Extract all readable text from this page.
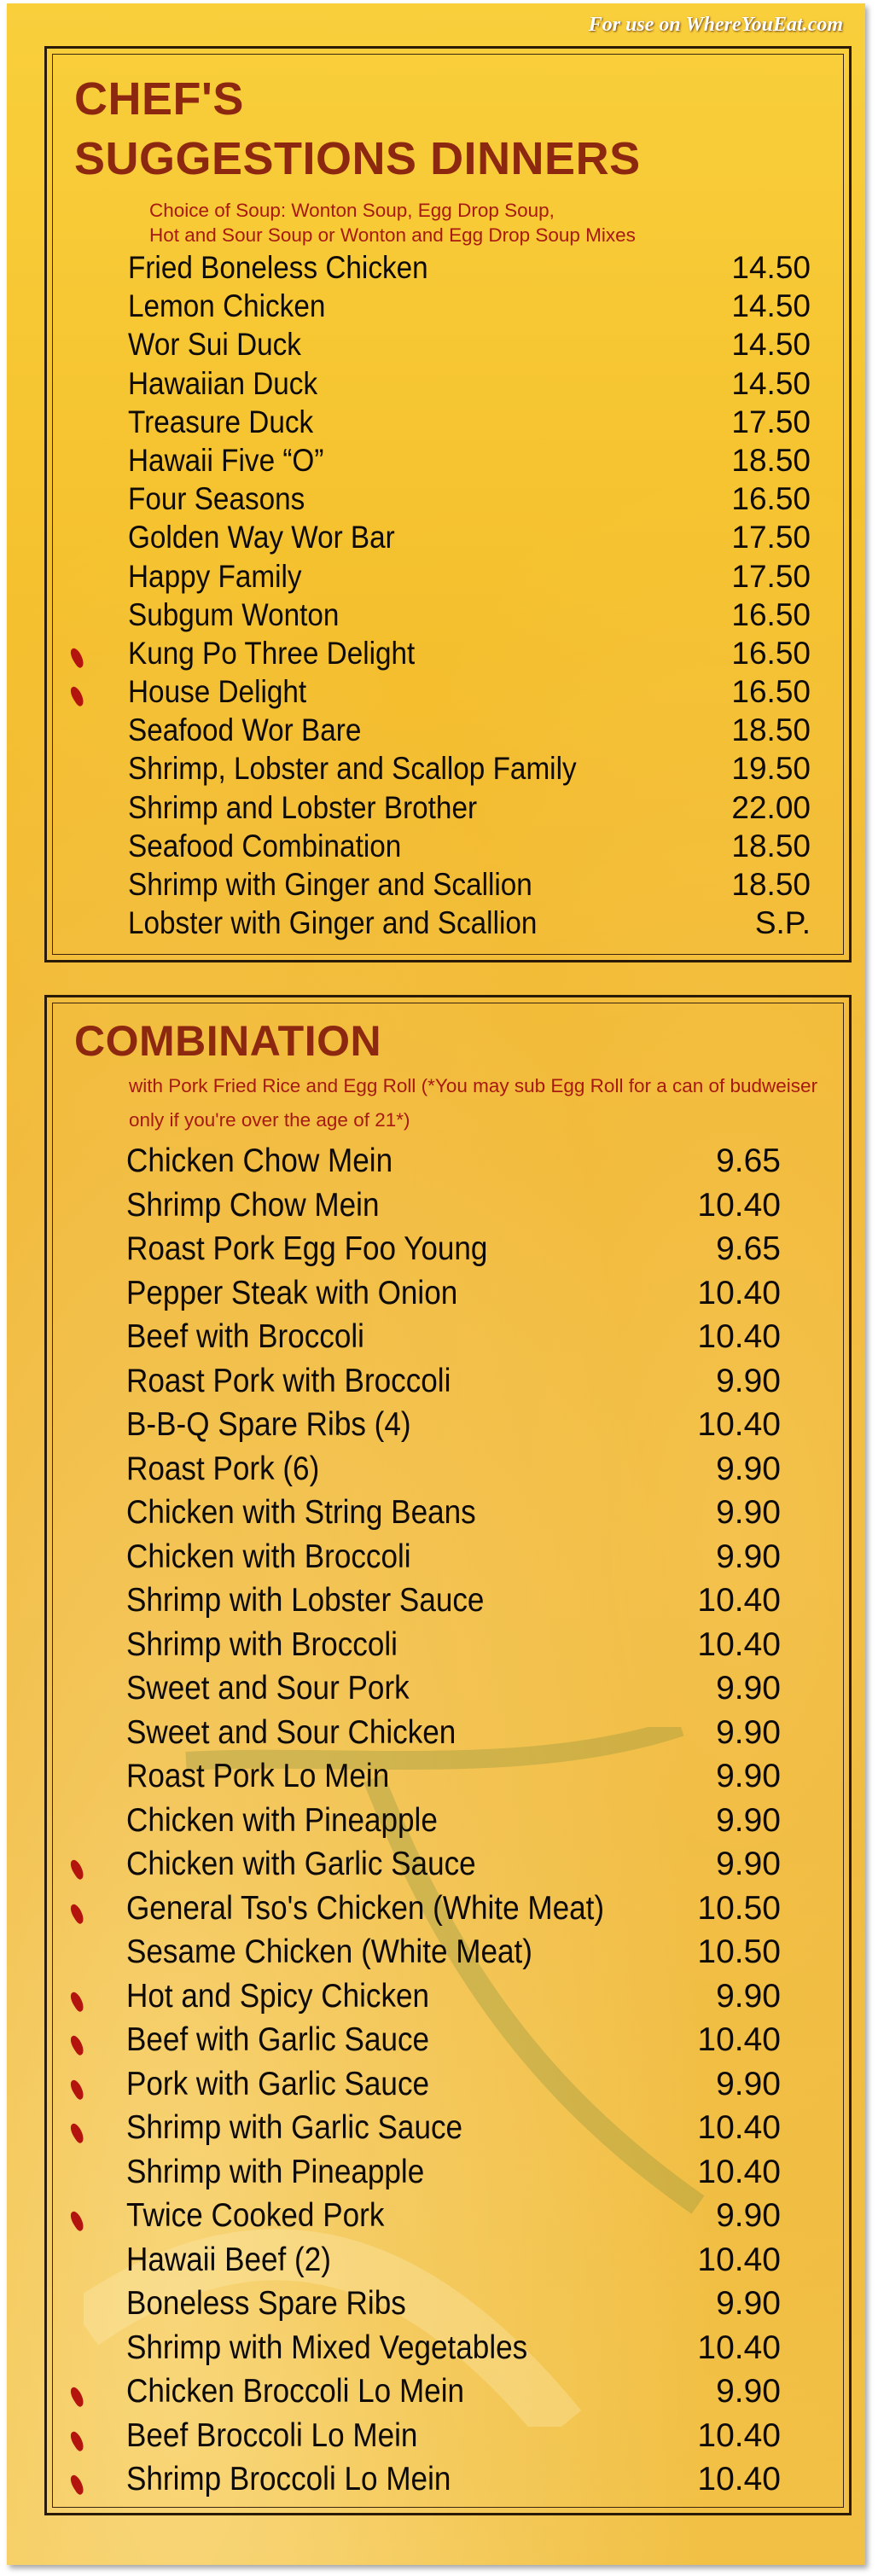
For use on WhereYouEat.com
CHEF'S
SUGGESTIONS DINNERS
Choice of Soup: Wonton Soup, Egg Drop Soup,
Hot and Sour Soup or Wonton and Egg Drop Soup Mixes
Fried Boneless Chicken	14.50
Lemon Chicken	14.50
Wor Sui Duck	14.50
Hawaiian Duck	14.50
Treasure Duck	17.50
Hawaii Five “O”	18.50
Four Seasons	16.50
Golden Way Wor Bar	17.50
Happy Family	17.50
Subgum Wonton	16.50
Kung Po Three Delight	16.50
House Delight	16.50
Seafood Wor Bare	18.50
Shrimp, Lobster and Scallop Family	19.50
Shrimp and Lobster Brother	22.00
Seafood Combination	18.50
Shrimp with Ginger and Scallion	18.50
Lobster with Ginger and Scallion	S.P.
COMBINATION
with Pork Fried Rice and Egg Roll (*You may sub Egg Roll for a can of budweiser only if you're over the age of 21*)
Chicken Chow Mein	9.65
Shrimp Chow Mein	10.40
Roast Pork Egg Foo Young	9.65
Pepper Steak with Onion	10.40
Beef with Broccoli	10.40
Roast Pork with Broccoli	9.90
B-B-Q Spare Ribs (4)	10.40
Roast Pork (6)	9.90
Chicken with String Beans	9.90
Chicken with Broccoli	9.90
Shrimp with Lobster Sauce	10.40
Shrimp with Broccoli	10.40
Sweet and Sour Pork	9.90
Sweet and Sour Chicken	9.90
Roast Pork Lo Mein	9.90
Chicken with Pineapple	9.90
Chicken with Garlic Sauce	9.90
General Tso's Chicken (White Meat)	10.50
Sesame Chicken (White Meat)	10.50
Hot and Spicy Chicken	9.90
Beef with Garlic Sauce	10.40
Pork with Garlic Sauce	9.90
Shrimp with Garlic Sauce	10.40
Shrimp with Pineapple	10.40
Twice Cooked Pork	9.90
Hawaii Beef (2)	10.40
Boneless Spare Ribs	9.90
Shrimp with Mixed Vegetables	10.40
Chicken Broccoli Lo Mein	9.90
Beef Broccoli Lo Mein	10.40
Shrimp Broccoli Lo Mein	10.40
